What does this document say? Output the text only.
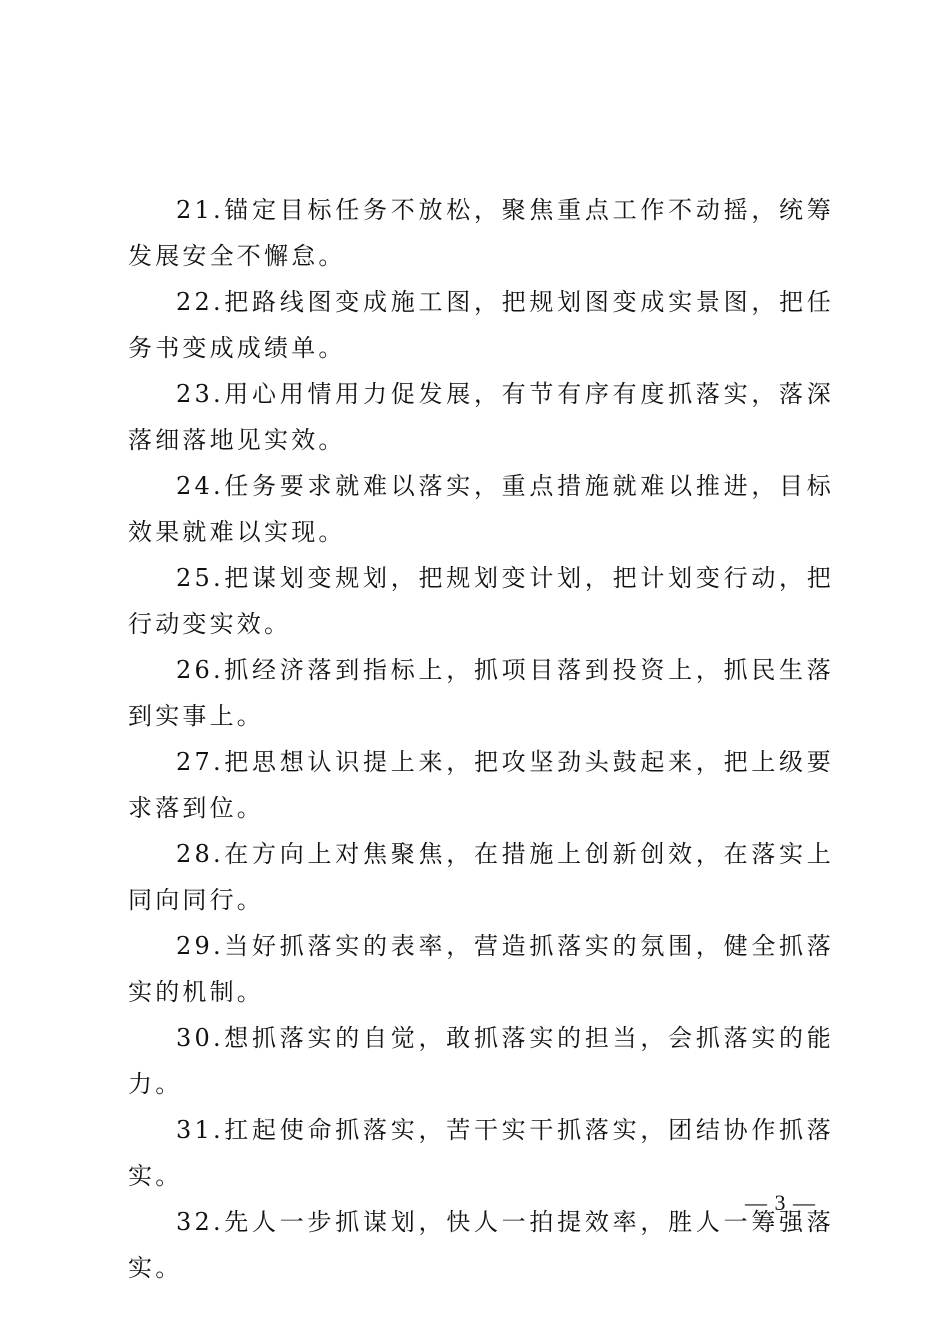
21.锚定目标任务不放松，聚焦重点工作不动摇，统筹发展安全不懈怠。

22.把路线图变成施工图，把规划图变成实景图，把任务书变成成绩单。

23.用心用情用力促发展，有节有序有度抓落实，落深落细落地见实效。

24.任务要求就难以落实，重点措施就难以推进，目标效果就难以实现。

25.把谋划变规划，把规划变计划，把计划变行动，把行动变实效。

26.抓经济落到指标上，抓项目落到投资上，抓民生落到实事上。

27.把思想认识提上来，把攻坚劲头鼓起来，把上级要求落到位。

28.在方向上对焦聚焦，在措施上创新创效，在落实上同向同行。

29.当好抓落实的表率，营造抓落实的氛围，健全抓落实的机制。

30.想抓落实的自觉，敢抓落实的担当，会抓落实的能力。

31.扛起使命抓落实，苦干实干抓落实，团结协作抓落实。

32.先人一步抓谋划，快人一拍提效率，胜人一筹强落实。

— 3 —
